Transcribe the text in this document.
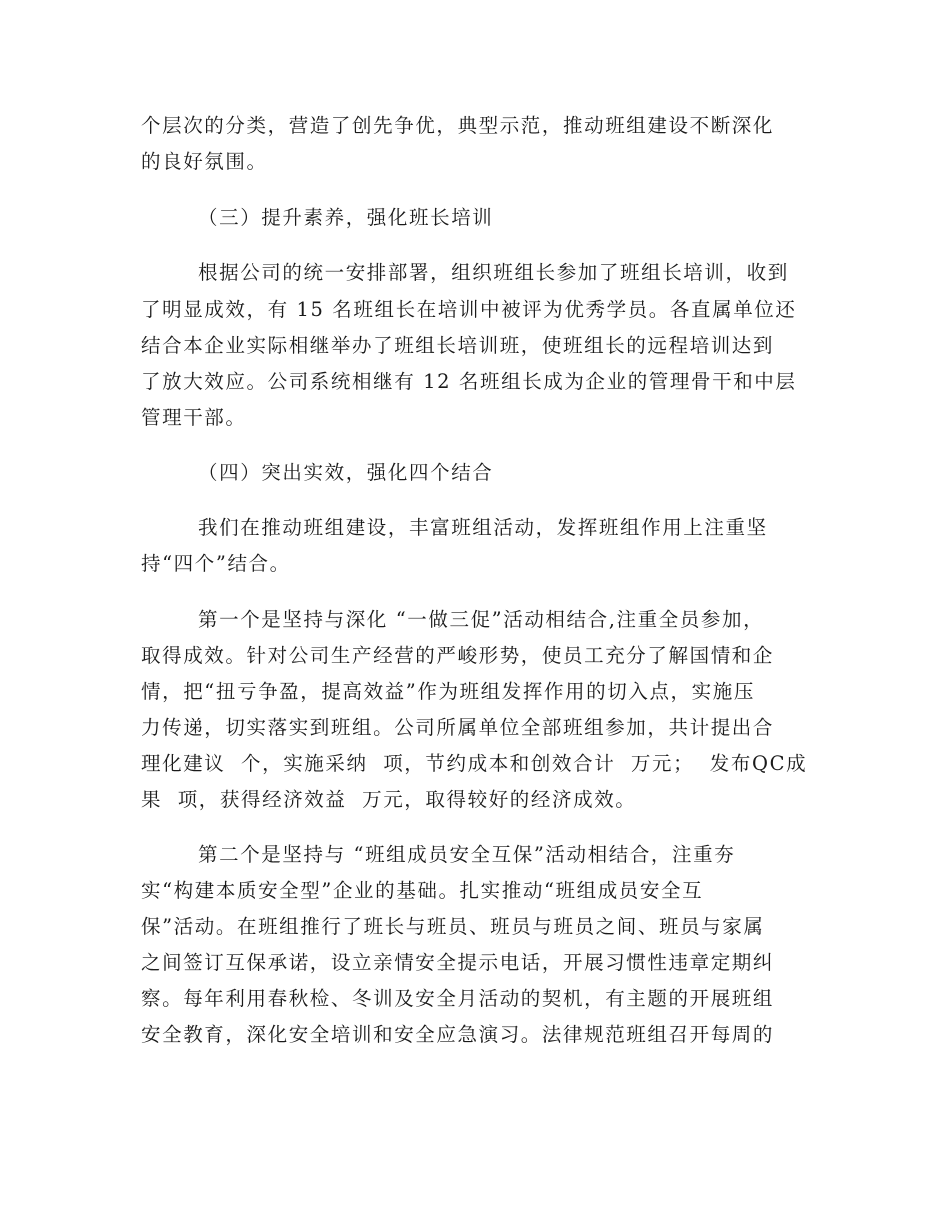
个层次的分类，营造了创先争优，典型示范，推动班组建设不断深化
的良好氛围。
（三）提升素养，强化班长培训
根据公司的统一安排部署，组织班组长参加了班组长培训，收到
了明显成效，有 15 名班组长在培训中被评为优秀学员。各直属单位还
结合本企业实际相继举办了班组长培训班，使班组长的远程培训达到
了放大效应。公司系统相继有 12 名班组长成为企业的管理骨干和中层
管理干部。
（四）突出实效，强化四个结合
我们在推动班组建设，丰富班组活动，发挥班组作用上注重坚
持“四个”结合。
第一个是坚持与深化 “一做三促”活动相结合,注重全员参加，
取得成效。针对公司生产经营的严峻形势，使员工充分了解国情和企
情，把“扭亏争盈，提高效益”作为班组发挥作用的切入点，实施压
力传递，切实落实到班组。公司所属单位全部班组参加，共计提出合
理化建议  个，实施采纳  项，节约成本和创效合计  万元；  发布QC成
果  项，获得经济效益  万元，取得较好的经济成效。
第二个是坚持与 “班组成员安全互保”活动相结合，注重夯
实“构建本质安全型”企业的基础。扎实推动“班组成员安全互
保”活动。在班组推行了班长与班员、班员与班员之间、班员与家属
之间签订互保承诺，设立亲情安全提示电话，开展习惯性违章定期纠
察。每年利用春秋检、冬训及安全月活动的契机，有主题的开展班组
安全教育，深化安全培训和安全应急演习。法律规范班组召开每周的
